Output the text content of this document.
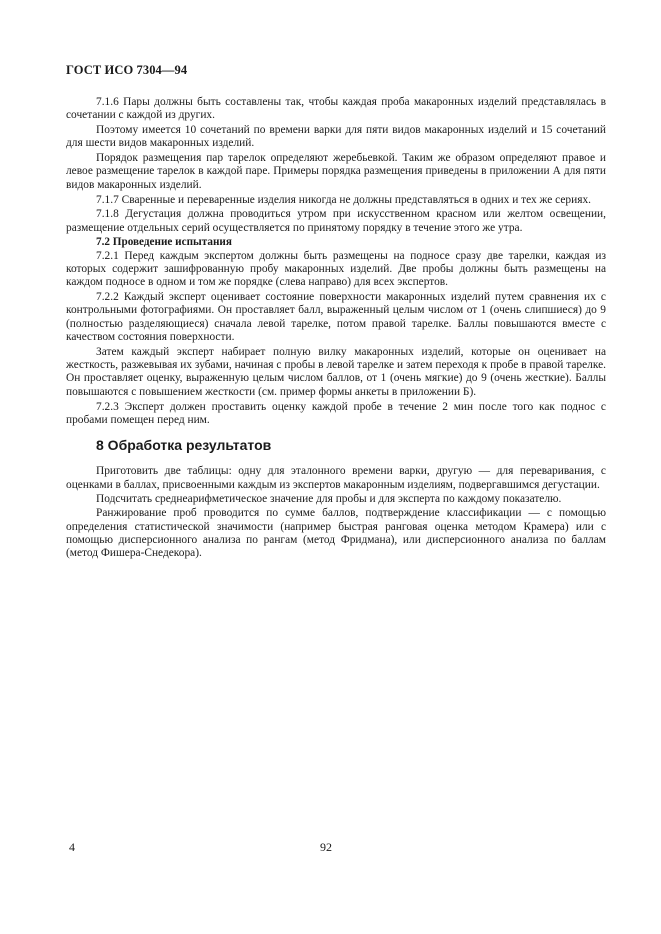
ГОСТ ИСО 7304—94

7.1.6 Пары должны быть составлены так, чтобы каждая проба макаронных изделий представлялась в сочетании с каждой из других.

Поэтому имеется 10 сочетаний по времени варки для пяти видов макаронных изделий и 15 сочетаний для шести видов макаронных изделий.

Порядок размещения пар тарелок определяют жеребьевкой. Таким же образом определяют правое и левое размещение тарелок в каждой паре. Примеры порядка размещения приведены в приложении А для пяти видов макаронных изделий.

7.1.7 Сваренные и переваренные изделия никогда не должны представляться в одних и тех же сериях.

7.1.8 Дегустация должна проводиться утром при искусственном красном или желтом освещении, размещение отдельных серий осуществляется по принятому порядку в течение этого же утра.

7.2 Проведение испытания

7.2.1 Перед каждым экспертом должны быть размещены на подносе сразу две тарелки, каждая из которых содержит зашифрованную пробу макаронных изделий. Две пробы должны быть размещены на каждом подносе в одном и том же порядке (слева направо) для всех экспертов.

7.2.2 Каждый эксперт оценивает состояние поверхности макаронных изделий путем сравнения их с контрольными фотографиями. Он проставляет балл, выраженный целым числом от 1 (очень слипшиеся) до 9 (полностью разделяющиеся) сначала левой тарелке, потом правой тарелке. Баллы повышаются вместе с качеством состояния поверхности.

Затем каждый эксперт набирает полную вилку макаронных изделий, которые он оценивает на жесткость, разжевывая их зубами, начиная с пробы в левой тарелке и затем переходя к пробе в правой тарелке. Он проставляет оценку, выраженную целым числом баллов, от 1 (очень мягкие) до 9 (очень жесткие). Баллы повышаются с повышением жесткости (см. пример формы анкеты в приложении Б).

7.2.3 Эксперт должен проставить оценку каждой пробе в течение 2 мин после того как поднос с пробами помещен перед ним.

8 Обработка результатов

Приготовить две таблицы: одну для эталонного времени варки, другую — для переваривания, с оценками в баллах, присвоенными каждым из экспертов макаронным изделиям, подвергавшимся дегустации.

Подсчитать среднеарифметическое значение для пробы и для эксперта по каждому показателю.

Ранжирование проб проводится по сумме баллов, подтверждение классификации — с помощью определения статистической значимости (например быстрая ранговая оценка методом Крамера) или с помощью дисперсионного анализа по рангам (метод Фридмана), или дисперсионного анализа по баллам (метод Фишера-Снедекора).

4	92
